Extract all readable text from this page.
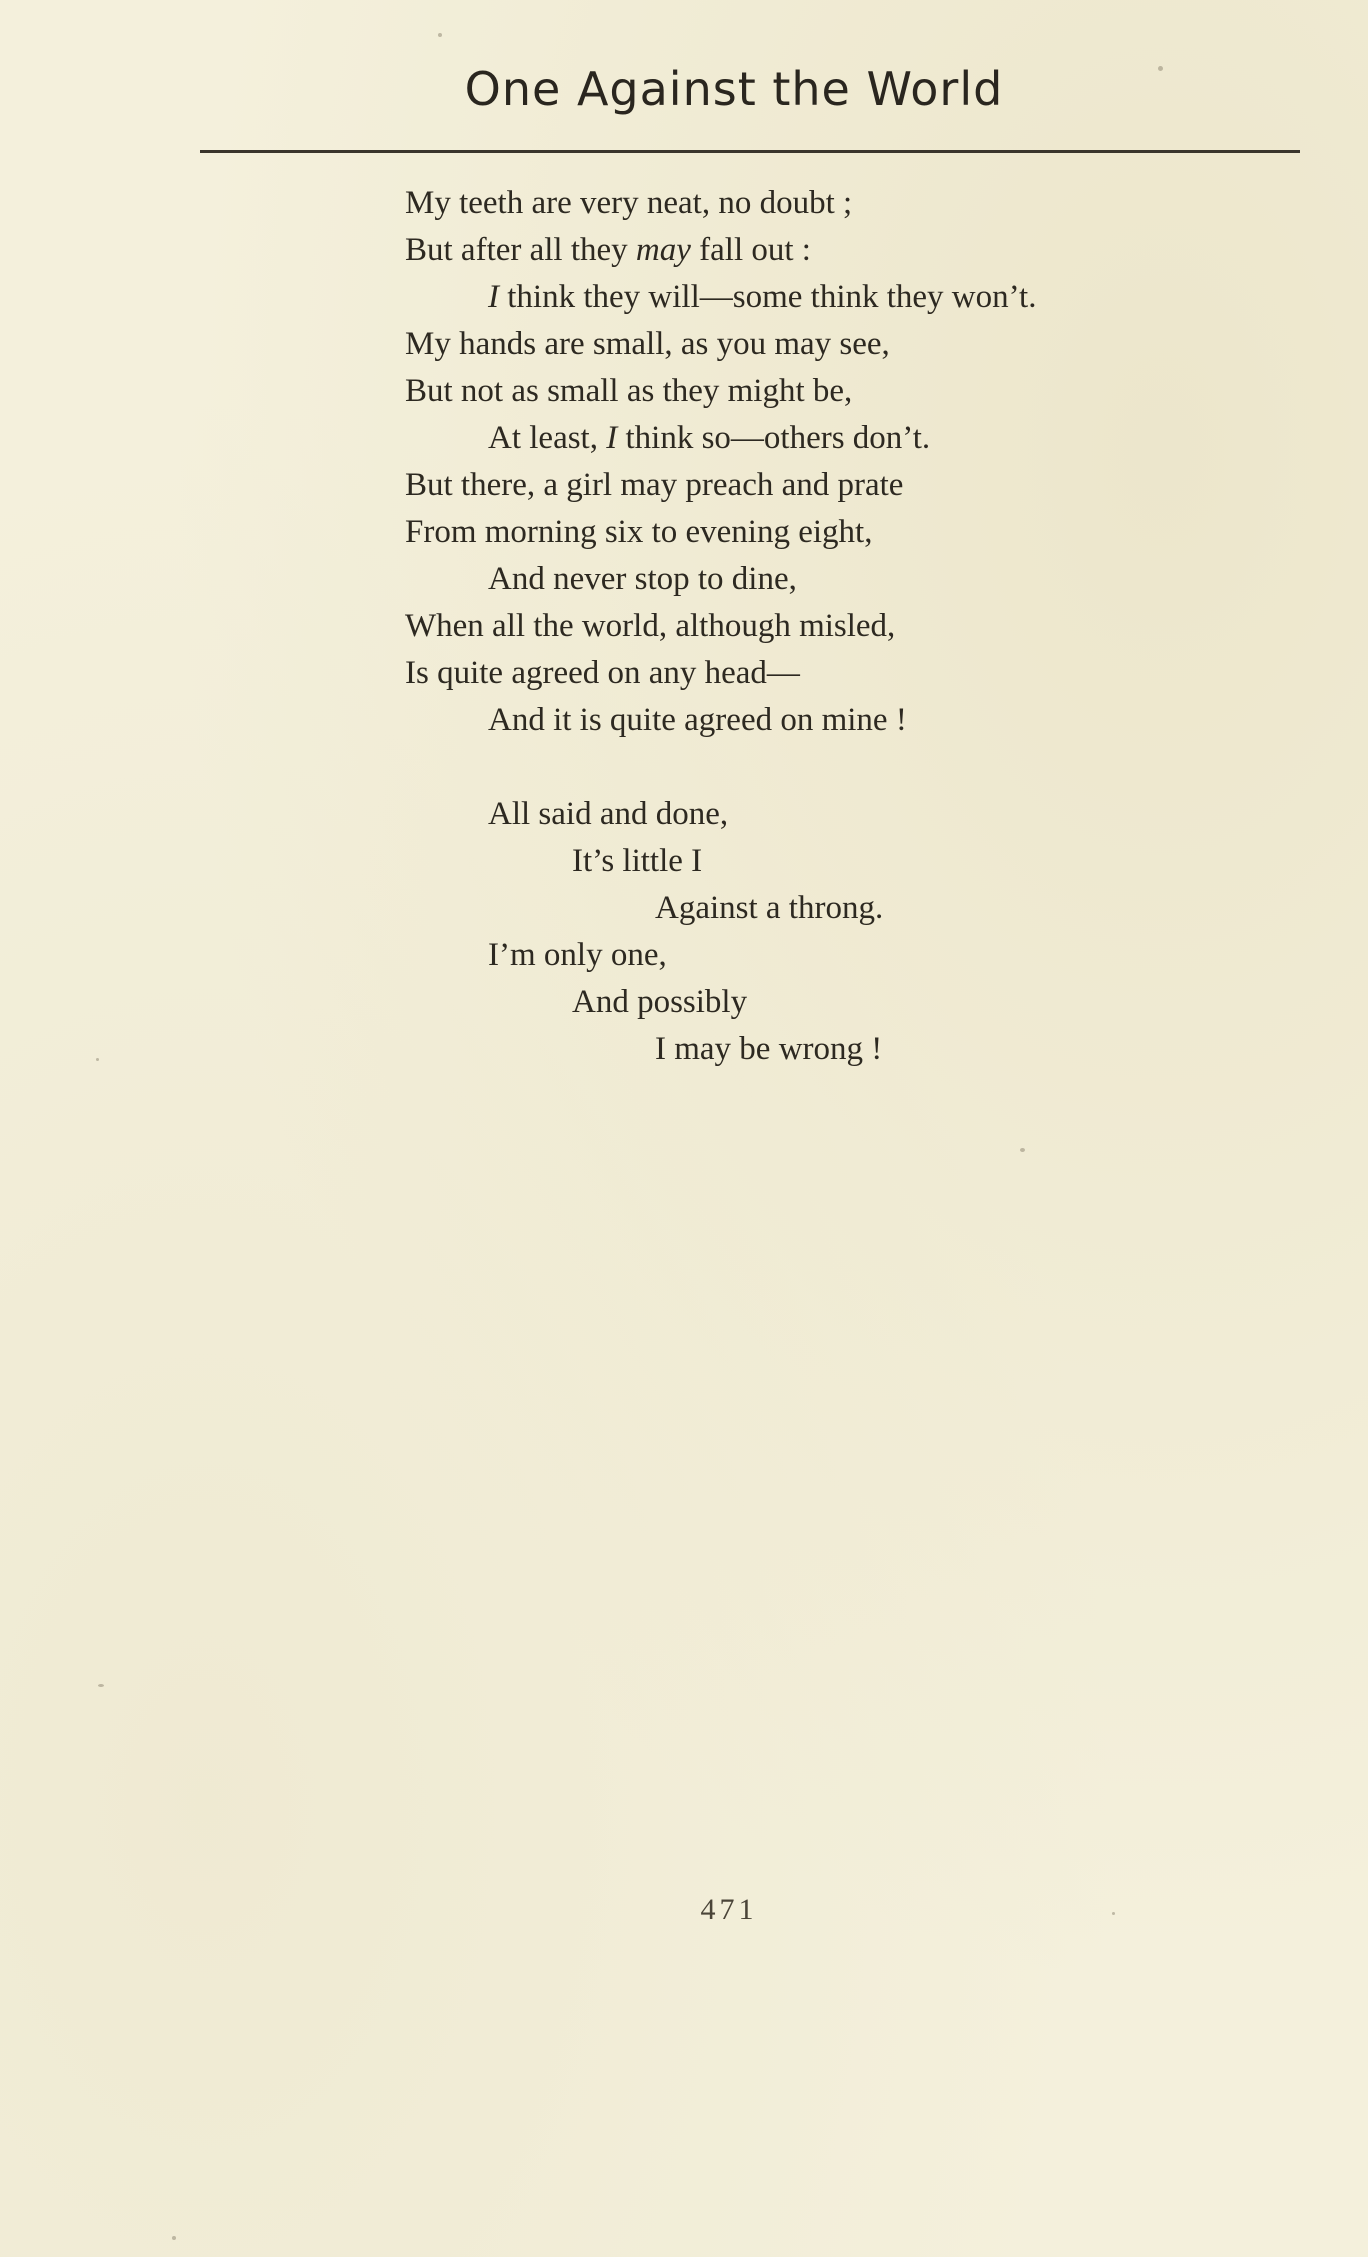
One Against the World
My teeth are very neat, no doubt ;
But after all they may fall out :
I think they will—some think they won’t.
My hands are small, as you may see,
But not as small as they might be,
At least, I think so—others don’t.
But there, a girl may preach and prate
From morning six to evening eight,
And never stop to dine,
When all the world, although misled,
Is quite agreed on any head—
And it is quite agreed on mine !
All said and done,
It’s little I
Against a throng.
I’m only one,
And possibly
I may be wrong !
471
